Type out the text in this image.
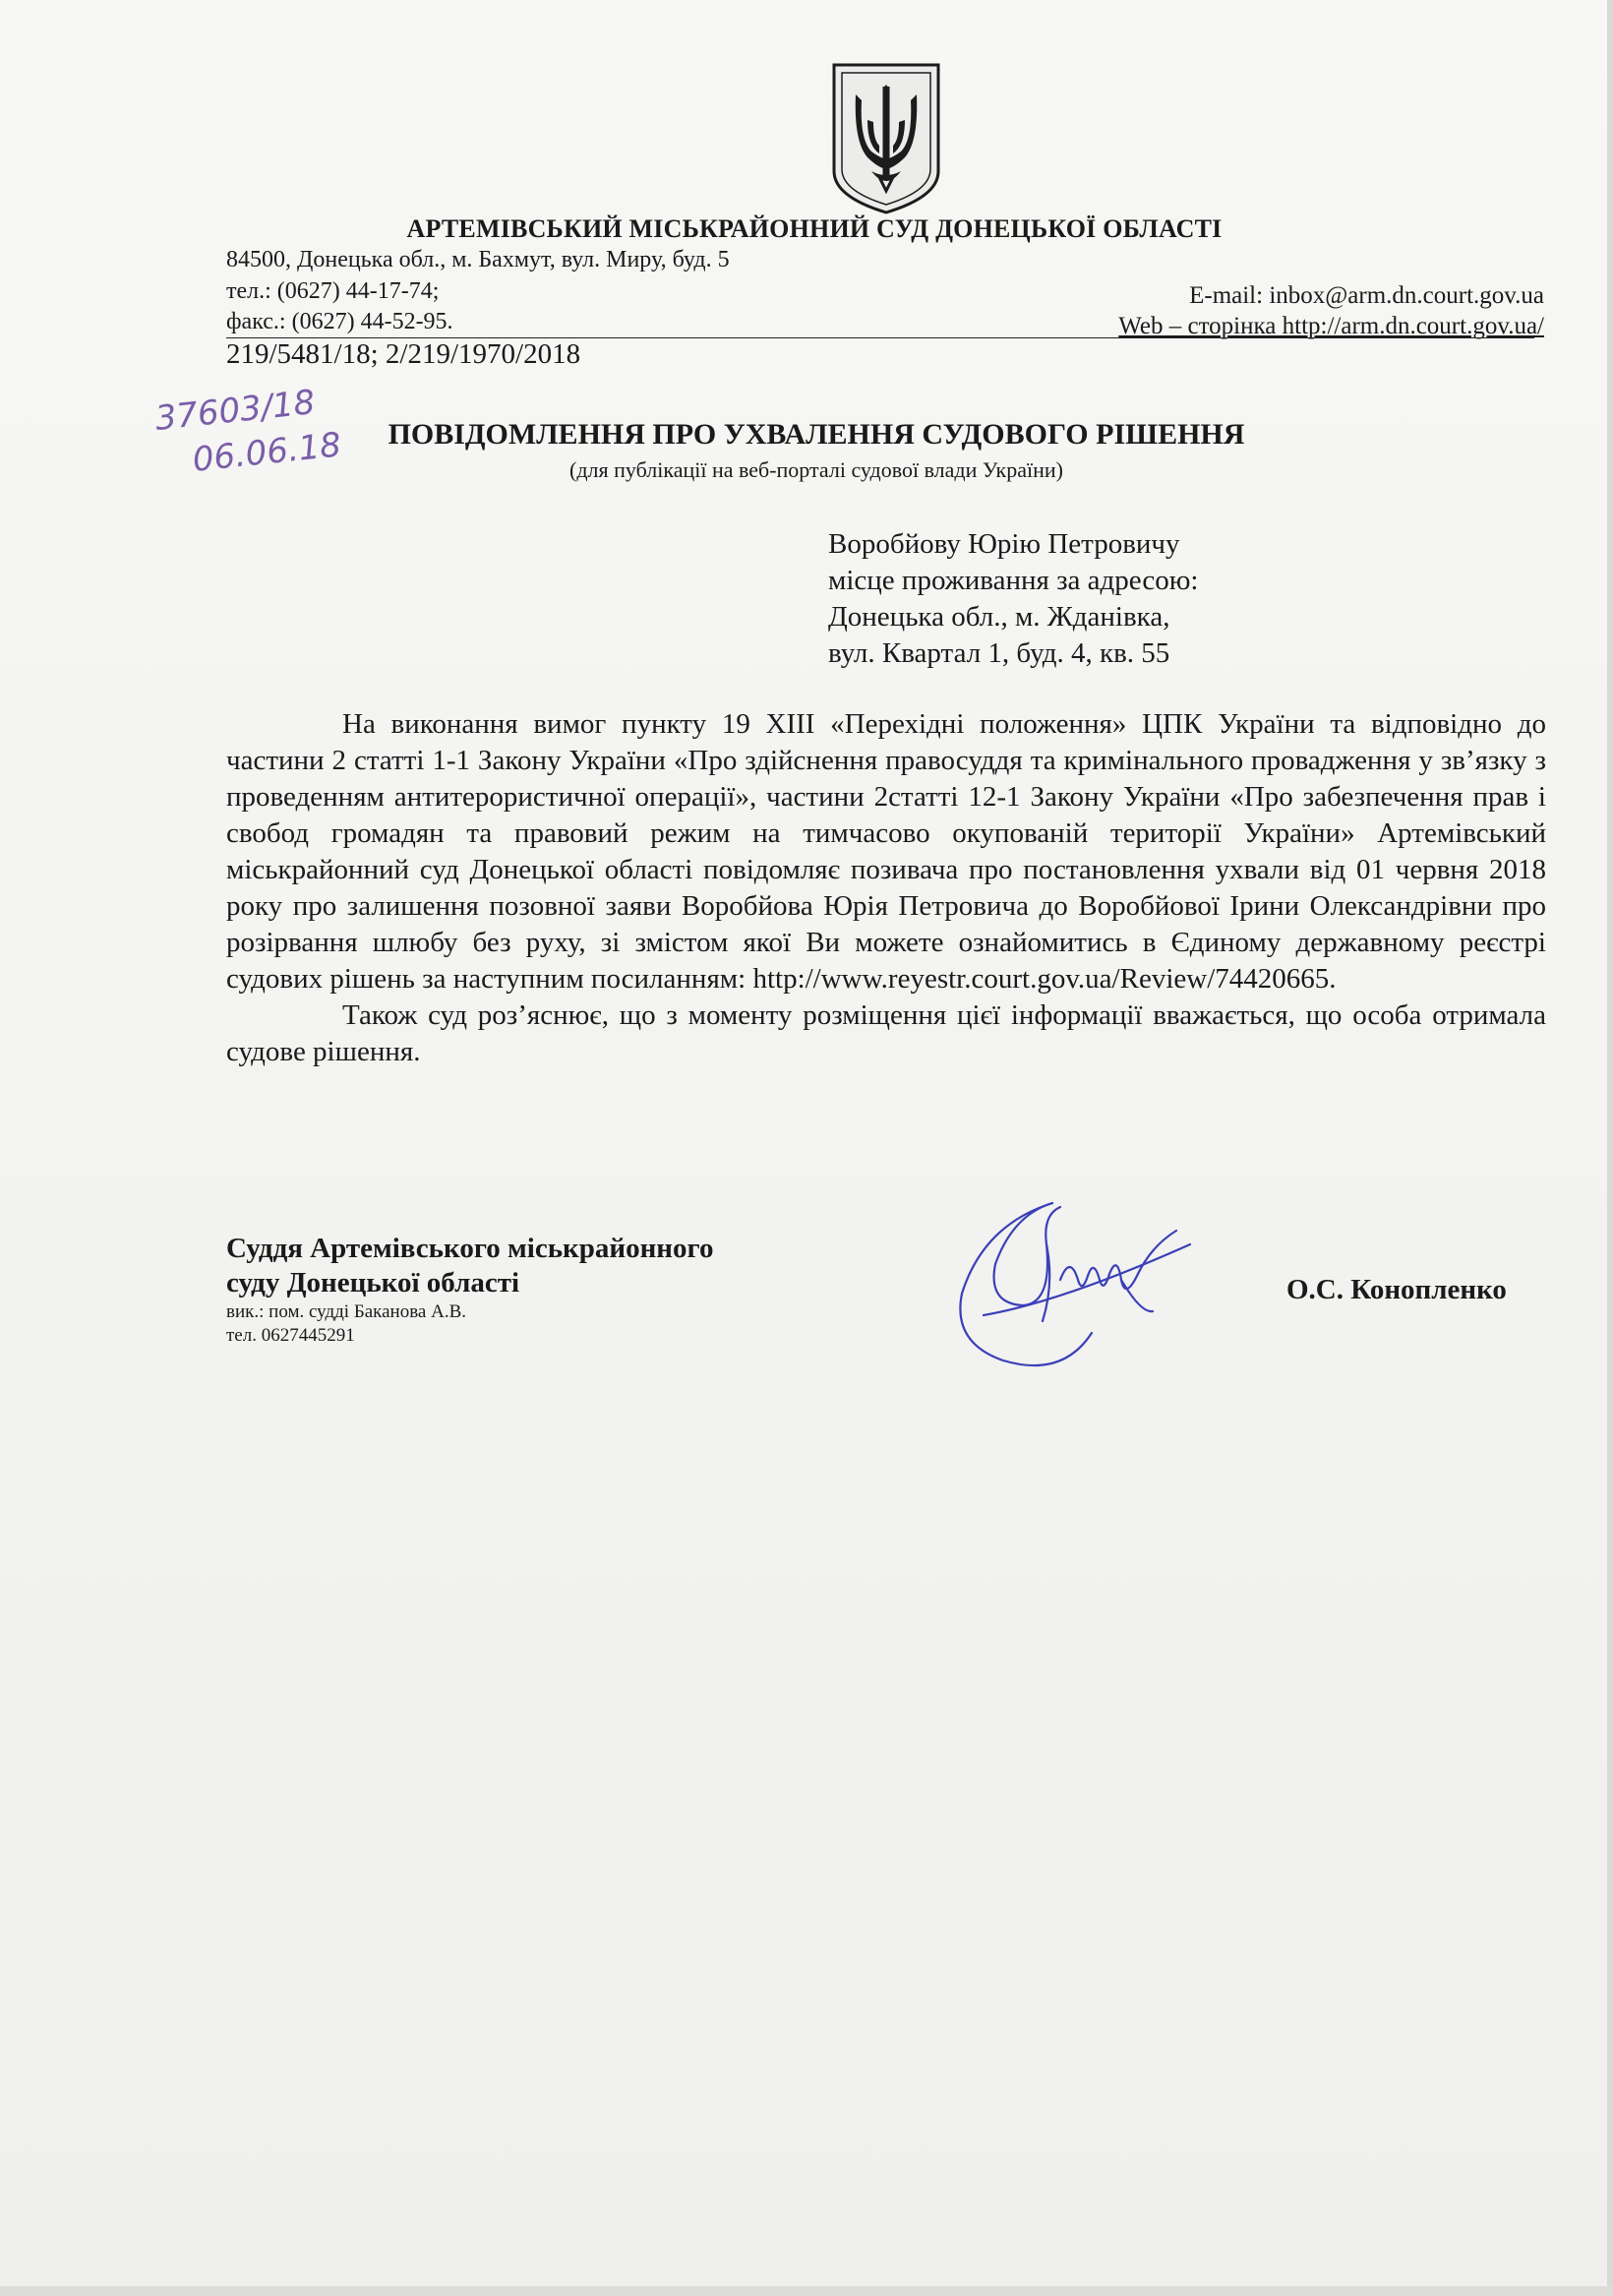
АРТЕМІВСЬКИЙ МІСЬКРАЙОННИЙ СУД ДОНЕЦЬКОЇ ОБЛАСТІ
84500, Донецька обл., м. Бахмут, вул. Миру, буд. 5
тел.: (0627) 44-17-74;
факс.: (0627) 44-52-95.
E-mail: inbox@arm.dn.court.gov.ua
Web – сторінка http://arm.dn.court.gov.ua/
219/5481/18; 2/219/1970/2018
37603/18
06.06.18	ПОВІДОМЛЕННЯ ПРО УХВАЛЕННЯ СУДОВОГО РІШЕННЯ
(для публікації на веб-порталі судової влади України)
Воробйову Юрію Петровичу
місце проживання за адресою:
Донецька обл., м. Жданівка,
вул. Квартал 1, буд. 4, кв. 55

На виконання вимог пункту 19 ХІІІ «Перехідні положення» ЦПК України та відповідно до частини 2 статті 1-1 Закону України «Про здійснення правосуддя та кримінального провадження у зв’язку з проведенням антитерористичної операції», частини 2статті 12-1 Закону України «Про забезпечення прав і свобод громадян та правовий режим на тимчасово окупованій території України» Артемівський міськрайонний суд Донецької області повідомляє позивача про постановлення ухвали від 01 червня 2018 року про залишення позовної заяви Воробйова Юрія Петровича до Воробйової Ірини Олександрівни про розірвання шлюбу без руху, зі змістом якої Ви можете ознайомитись в Єдиному державному реєстрі судових рішень за наступним посиланням: http://www.reyestr.court.gov.ua/Review/74420665.

Також суд роз’яснює, що з моменту розміщення цієї інформації вважається, що особа отримала судове рішення.

Суддя Артемівського міськрайонного
суду Донецької області
вик.: пом. судді Баканова А.В.
тел. 0627445291
О.С. Конопленко
